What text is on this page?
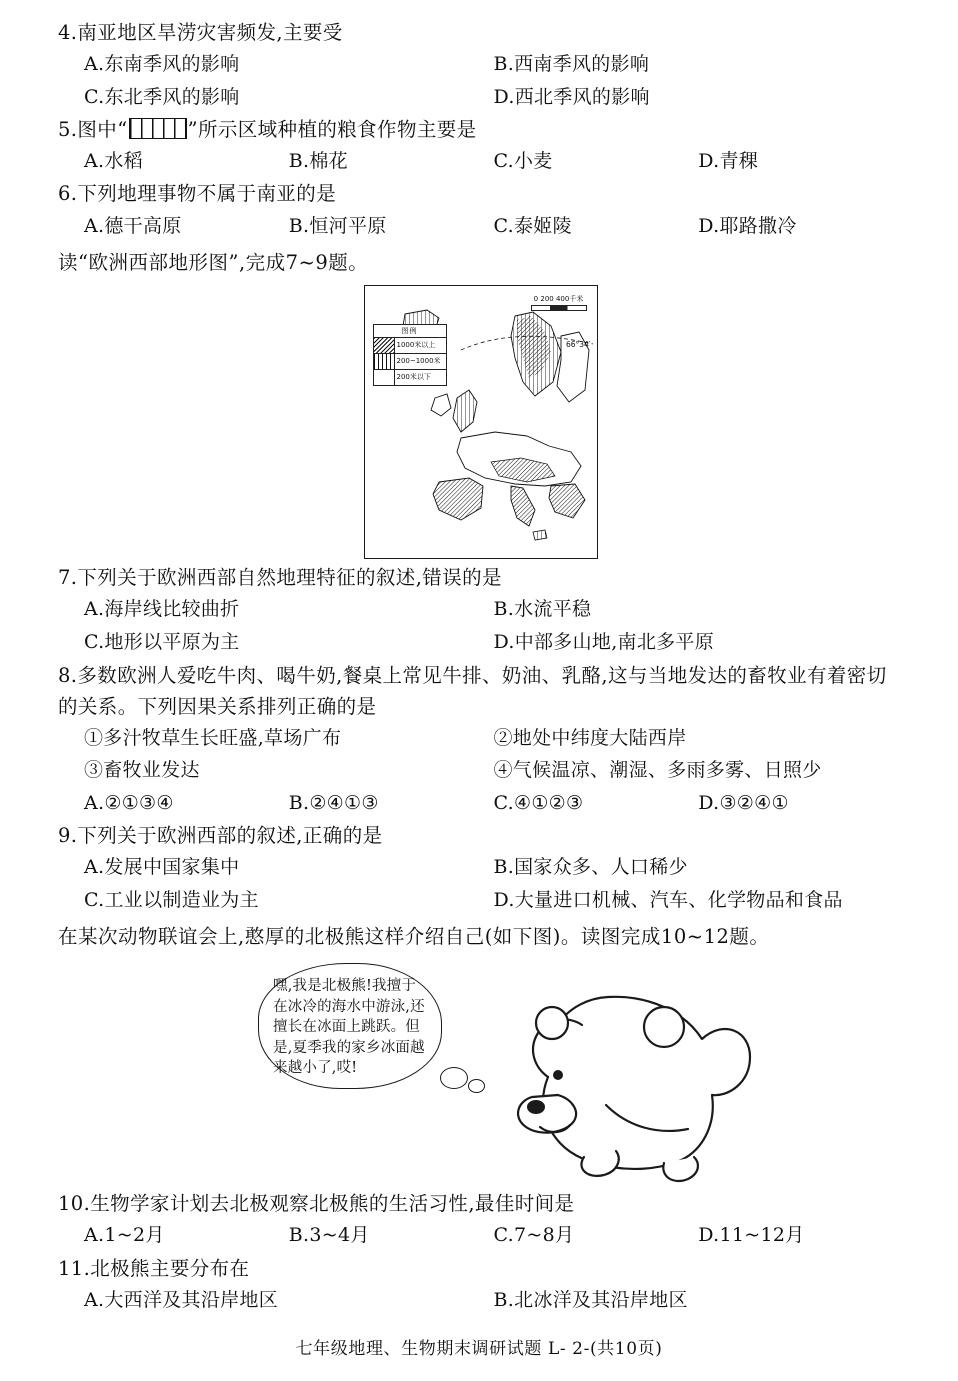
4.南亚地区旱涝灾害频发,主要受
A.东南季风的影响	B.西南季风的影响
C.东北季风的影响	D.西北季风的影响
5.图中“	”所示区域种植的粮食作物主要是
A.水稻	B.棉花	C.小麦	D.青稞
6.下列地理事物不属于南亚的是
A.德干高原	B.恒河平原	C.泰姬陵	D.耶路撒冷
读“欧洲西部地形图”,完成7~9题。
0 200 400千米
66°34′
图例
1000米以上
200~1000米
200米以下
7.下列关于欧洲西部自然地理特征的叙述,错误的是
A.海岸线比较曲折	B.水流平稳
C.地形以平原为主	D.中部多山地,南北多平原
8.多数欧洲人爱吃牛肉、喝牛奶,餐桌上常见牛排、奶油、乳酪,这与当地发达的畜牧业有着密切的关系。下列因果关系排列正确的是
①多汁牧草生长旺盛,草场广布	②地处中纬度大陆西岸
③畜牧业发达	④气候温凉、潮湿、多雨多雾、日照少
A.②①③④	B.②④①③	C.④①②③	D.③②④①
9.下列关于欧洲西部的叙述,正确的是
A.发展中国家集中	B.国家众多、人口稀少
C.工业以制造业为主	D.大量进口机械、汽车、化学物品和食品
在某次动物联谊会上,憨厚的北极熊这样介绍自己(如下图)。读图完成10~12题。
嘿,我是北极熊!我擅于在冰冷的海水中游泳,还擅长在冰面上跳跃。但是,夏季我的家乡冰面越来越小了,哎!
10.生物学家计划去北极观察北极熊的生活习性,最佳时间是
A.1~2月	B.3~4月	C.7~8月	D.11~12月
11.北极熊主要分布在
A.大西洋及其沿岸地区	B.北冰洋及其沿岸地区
七年级地理、生物期末调研试题 L- 2-(共10页)
